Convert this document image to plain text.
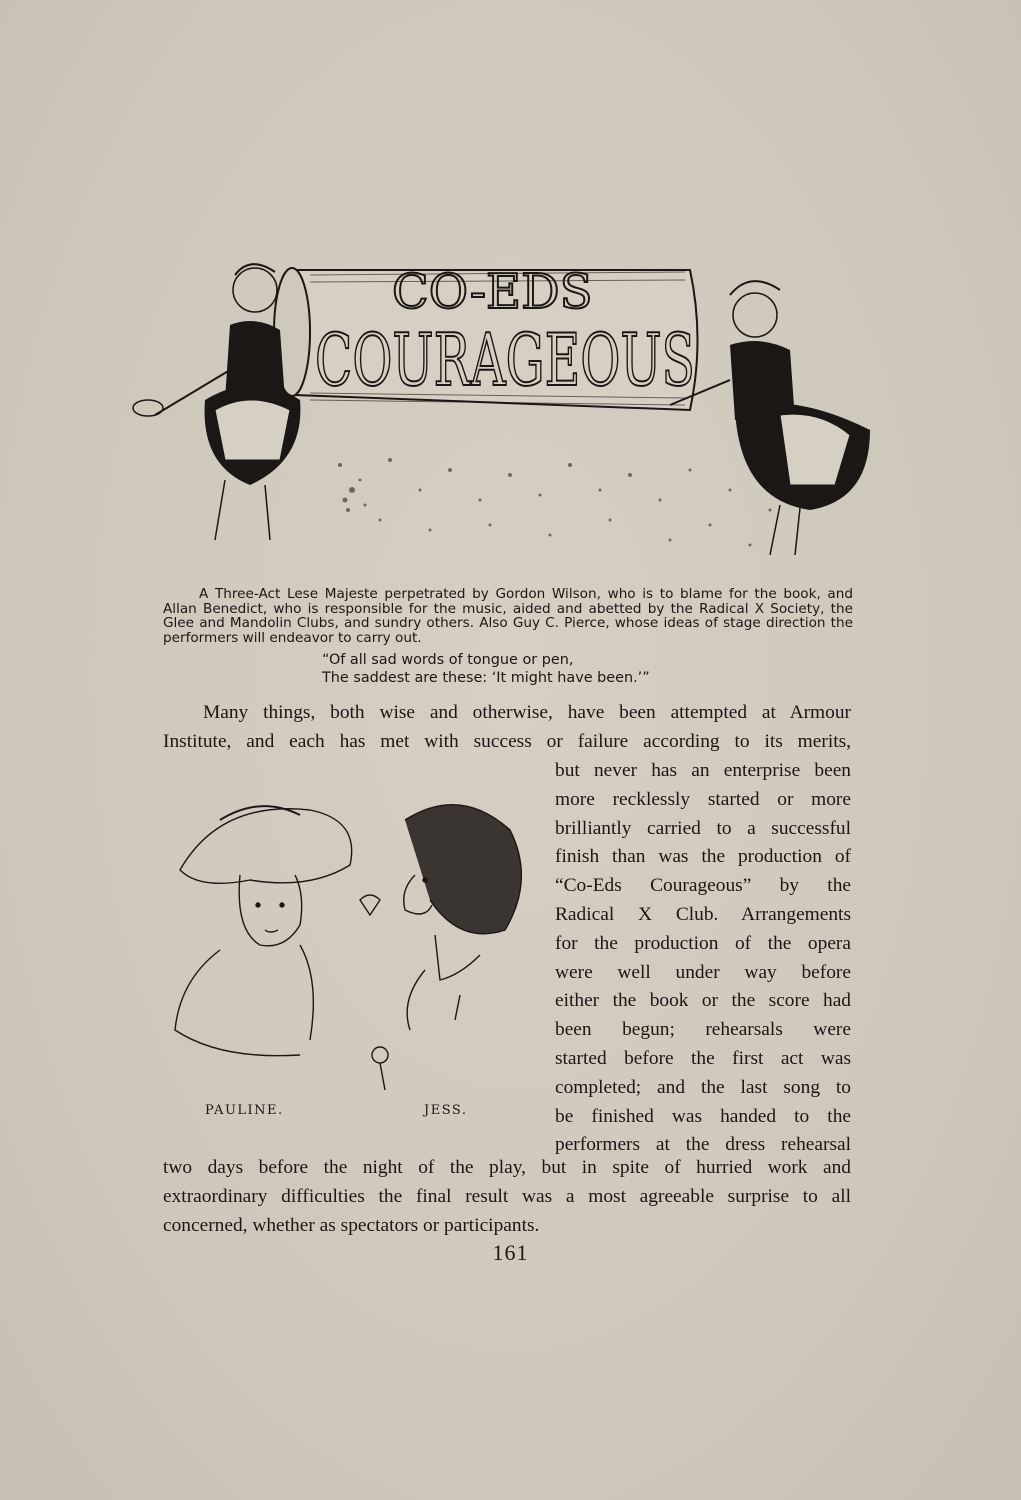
CO-EDS
COURAGEOUS
A Three-Act Lese Majeste perpetrated by Gordon Wilson, who is to blame for the book, and Allan Benedict, who is responsible for the music, aided and abetted by the Radical X Society, the Glee and Mandolin Clubs, and sundry others. Also Guy C. Pierce, whose ideas of stage direction the performers will endeavor to carry out.
“Of all sad words of tongue or pen,
The saddest are these: ‘It might have been.’”
Many things, both wise and otherwise, have been attempted at Armour
Institute, and each has met with success or failure according to its merits,
but never has an enterprise been
more recklessly started or more
brilliantly carried to a successful
finish than was the production of
“Co-Eds Courageous” by the
Radical X Club. Arrangements
for the production of the opera
were well under way before
either the book or the score had
been begun; rehearsals were
started before the first act was
completed; and the last song to
be finished was handed to the
performers at the dress rehearsal
PAULINE.	JESS.
two days before the night of the play, but in spite of hurried work and
extraordinary difficulties the final result was a most agreeable surprise to all
concerned, whether as spectators or participants.
161
